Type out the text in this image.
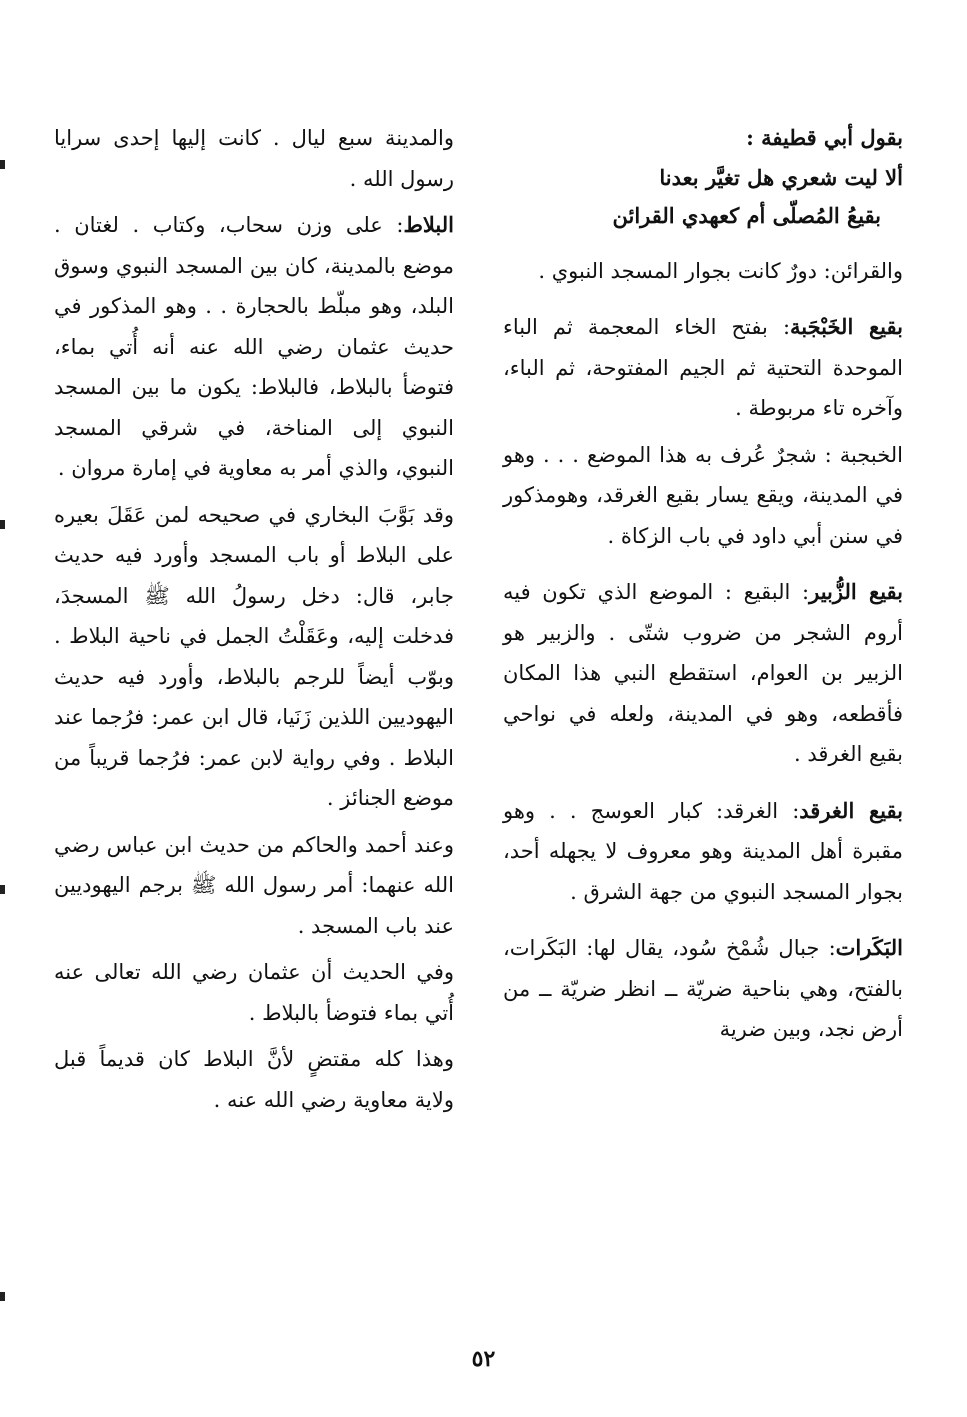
بقول أبي قطيفة :

ألا ليت شعري هل تغيَّر بعدنا

بقيعُ المُصلّى أم كعهدي القرائن

والقرائن: دورٌ كانت بجوار المسجد النبوي .

بقيع الخَبْجَبة: بفتح الخاء المعجمة ثم الباء الموحدة التحتية ثم الجيم المفتوحة، ثم الباء، وآخره تاء مربوطة .

الخبجبة : شجرٌ عُرف به هذا الموضع . . . وهو في المدينة، ويقع يسار بقيع الغرقد، وهومذكور في سنن أبي داود في باب الزكاة .

بقيع الزُّبير: البقيع : الموضع الذي تكون فيه أروم الشجر من ضروب شتّى . والزبير هو الزبير بن العوام، استقطع النبي هذا المكان فأقطعه، وهو في المدينة، ولعله في نواحي بقيع الغرقد .

بقيع الغرقد: الغرقد: كبار العوسج . . وهو مقبرة أهل المدينة وهو معروف لا يجهله أحد، بجوار المسجد النبوي من جهة الشرق .

البَكَرات: جبال شُمْخ سُود، يقال لها: البَكَرات، بالفتح، وهي بناحية ضريّة ــ انظر ضريّة ــ من أرض نجد، وبين ضرية

والمدينة سبع ليال . كانت إليها إحدى سرايا رسول الله .

البلاط: على وزن سحاب، وكتاب . لغتان . موضع بالمدينة، كان بين المسجد النبوي وسوق البلد، وهو مبلّط بالحجارة . . وهو المذكور في حديث عثمان رضي الله عنه أنه أُتي بماء، فتوضأ بالبلاط، فالبلاط: يكون ما بين المسجد النبوي إلى المناخة، في شرقي المسجد النبوي، والذي أمر به معاوية في إمارة مروان .

وقد بَوَّبَ البخاري في صحيحه لمن عَقَلَ بعيره على البلاط أو باب المسجد وأورد فيه حديث جابر، قال: دخل رسولُ الله ﷺ المسجدَ، فدخلت إليه، وعَقَلْتُ الجمل في ناحية البلاط . وبوّب أيضاً للرجم بالبلاط، وأورد فيه حديث اليهوديين اللذين زَنَيا، قال ابن عمر: فرُجما عند البلاط . وفي رواية لابن عمر: فرُجما قريباً من موضع الجنائز .

وعند أحمد والحاكم من حديث ابن عباس رضي الله عنهما: أمر رسول الله ﷺ برجم اليهوديين عند باب المسجد .

وفي الحديث أن عثمان رضي الله تعالى عنه أُتي بماء فتوضأ بالبلاط .

وهذا كله مقتضٍ لأنَّ البلاط كان قديماً قبل ولاية معاوية رضي الله عنه .

٥٢
